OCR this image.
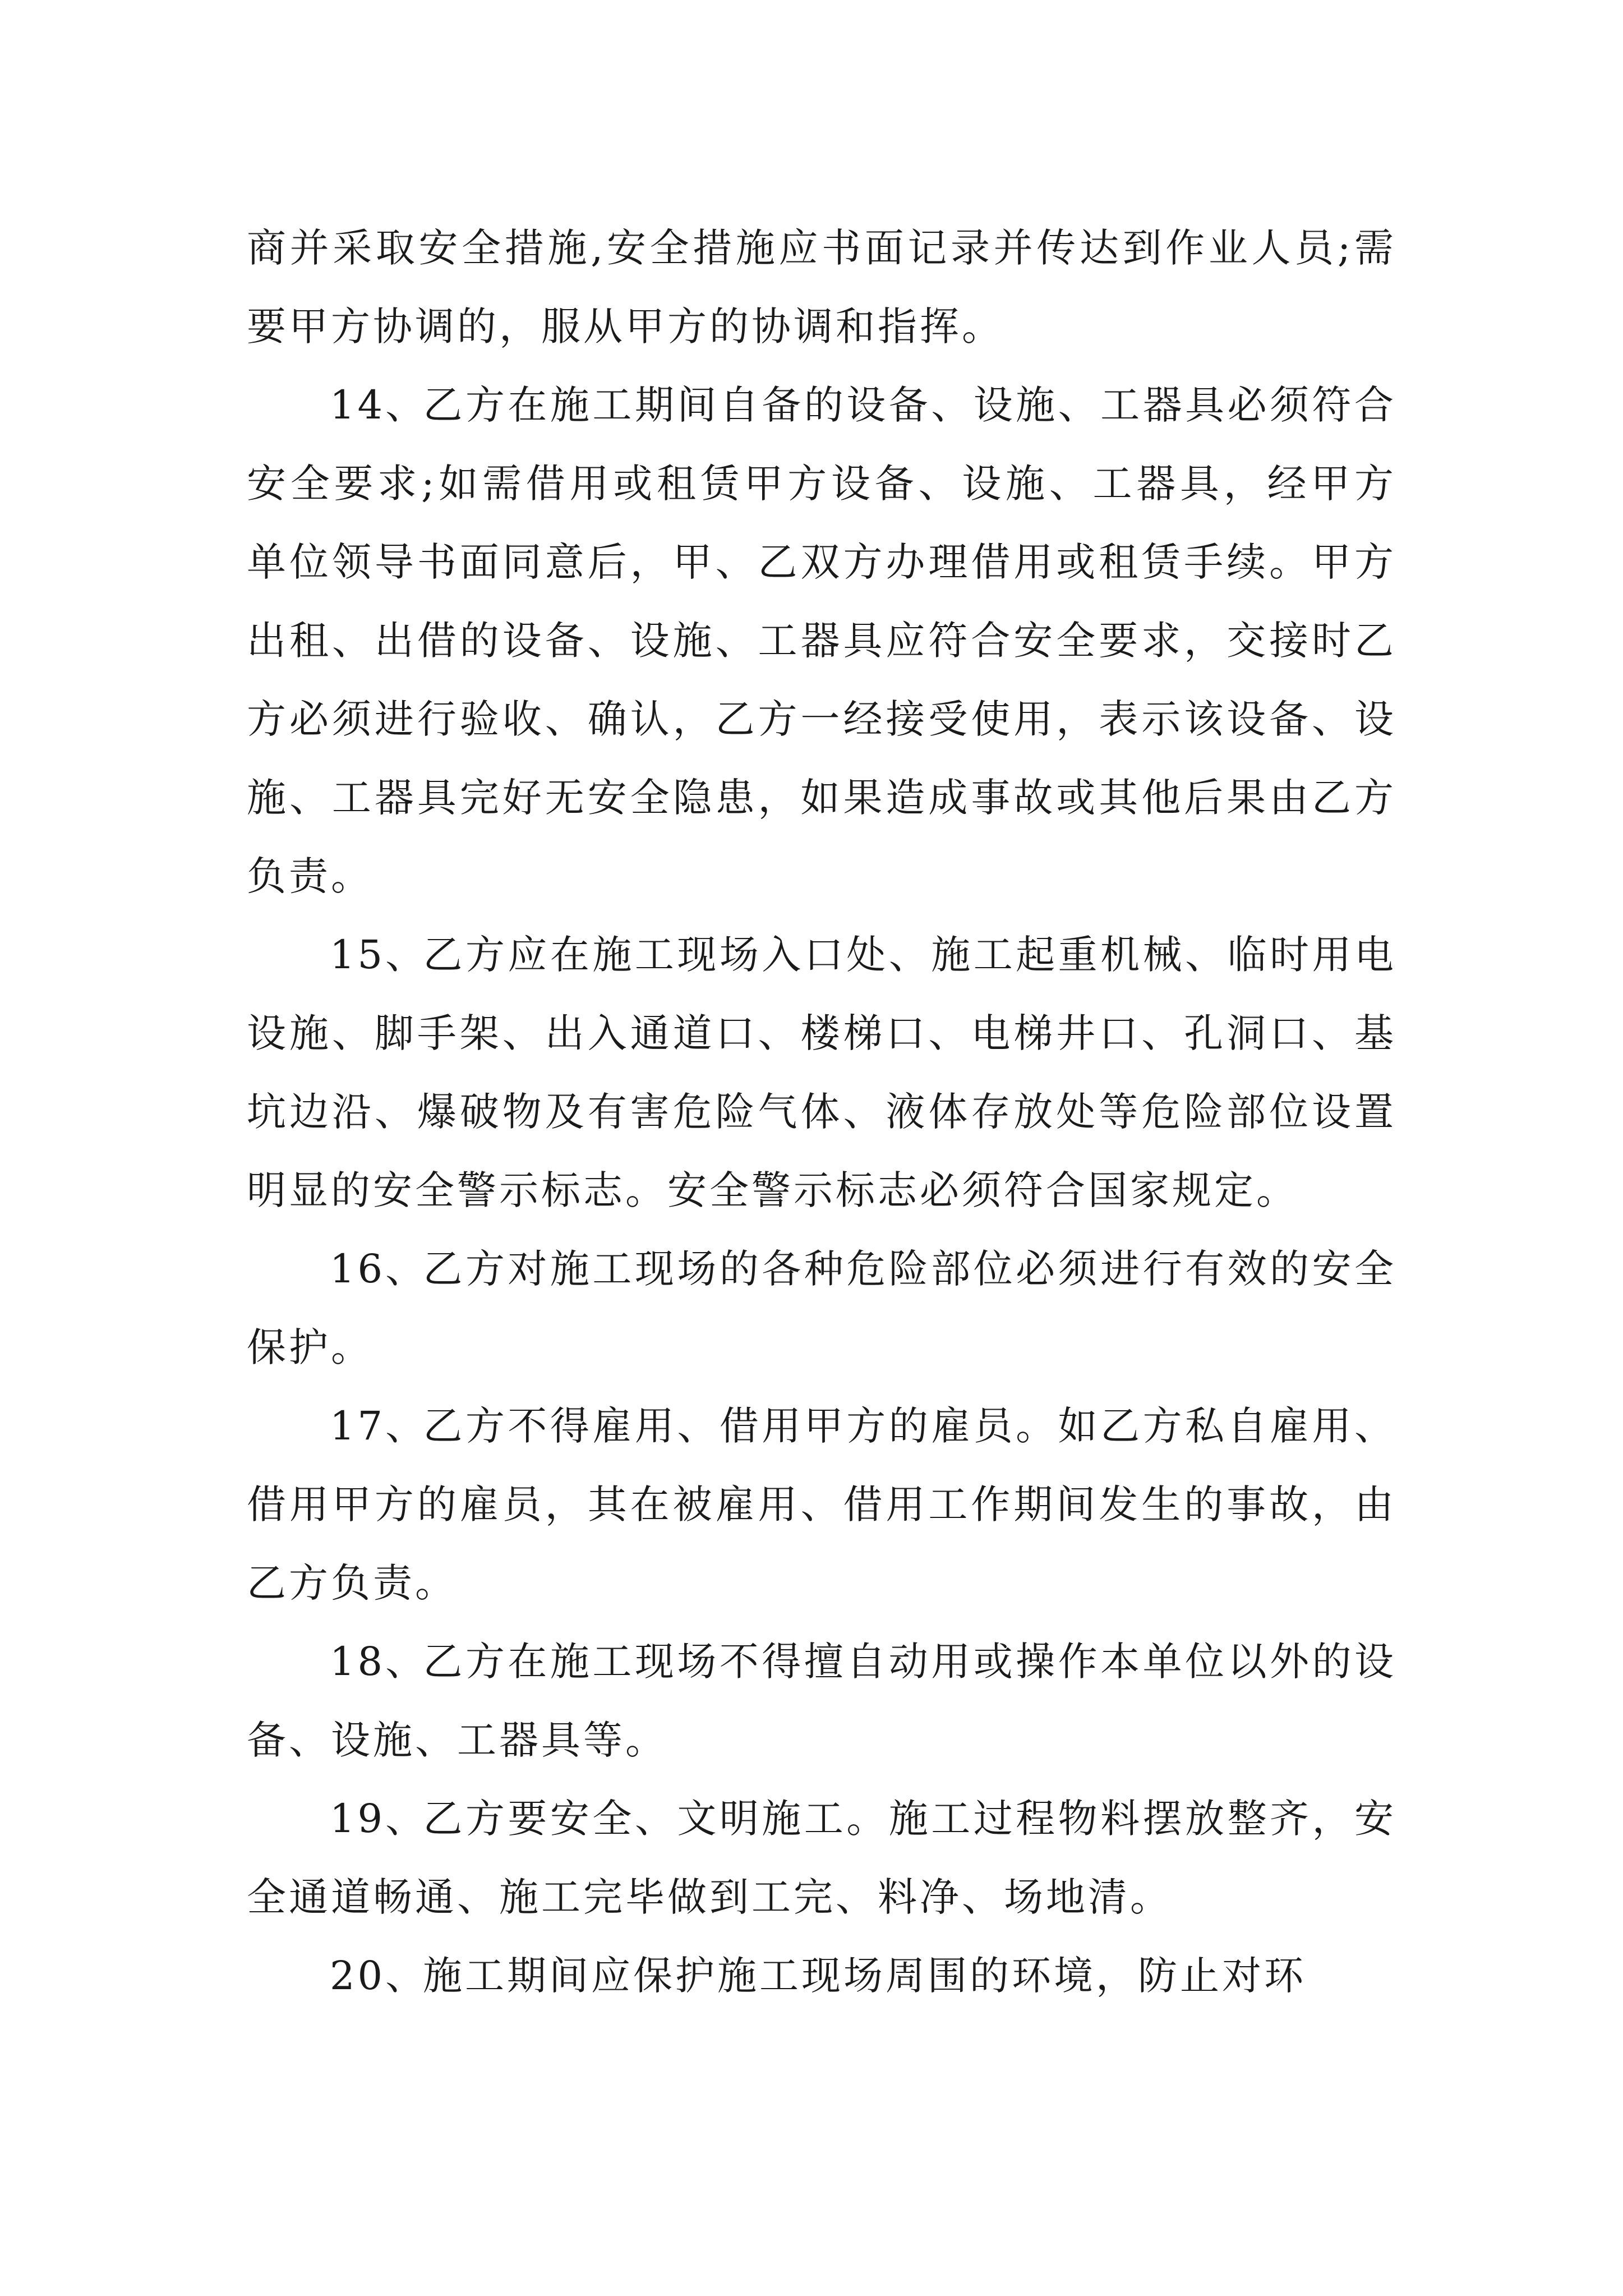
商并采取安全措施,安全措施应书面记录并传达到作业人员;需要甲方协调的，服从甲方的协调和指挥。

14、乙方在施工期间自备的设备、设施、工器具必须符合安全要求;如需借用或租赁甲方设备、设施、工器具，经甲方单位领导书面同意后，甲、乙双方办理借用或租赁手续。甲方出租、出借的设备、设施、工器具应符合安全要求，交接时乙方必须进行验收、确认，乙方一经接受使用，表示该设备、设施、工器具完好无安全隐患，如果造成事故或其他后果由乙方负责。

15、乙方应在施工现场入口处、施工起重机械、临时用电设施、脚手架、出入通道口、楼梯口、电梯井口、孔洞口、基坑边沿、爆破物及有害危险气体、液体存放处等危险部位设置明显的安全警示标志。安全警示标志必须符合国家规定。

16、乙方对施工现场的各种危险部位必须进行有效的安全保护。

17、乙方不得雇用、借用甲方的雇员。如乙方私自雇用、借用甲方的雇员，其在被雇用、借用工作期间发生的事故，由乙方负责。

18、乙方在施工现场不得擅自动用或操作本单位以外的设备、设施、工器具等。

19、乙方要安全、文明施工。施工过程物料摆放整齐，安全通道畅通、施工完毕做到工完、料净、场地清。

20、施工期间应保护施工现场周围的环境，防止对环
